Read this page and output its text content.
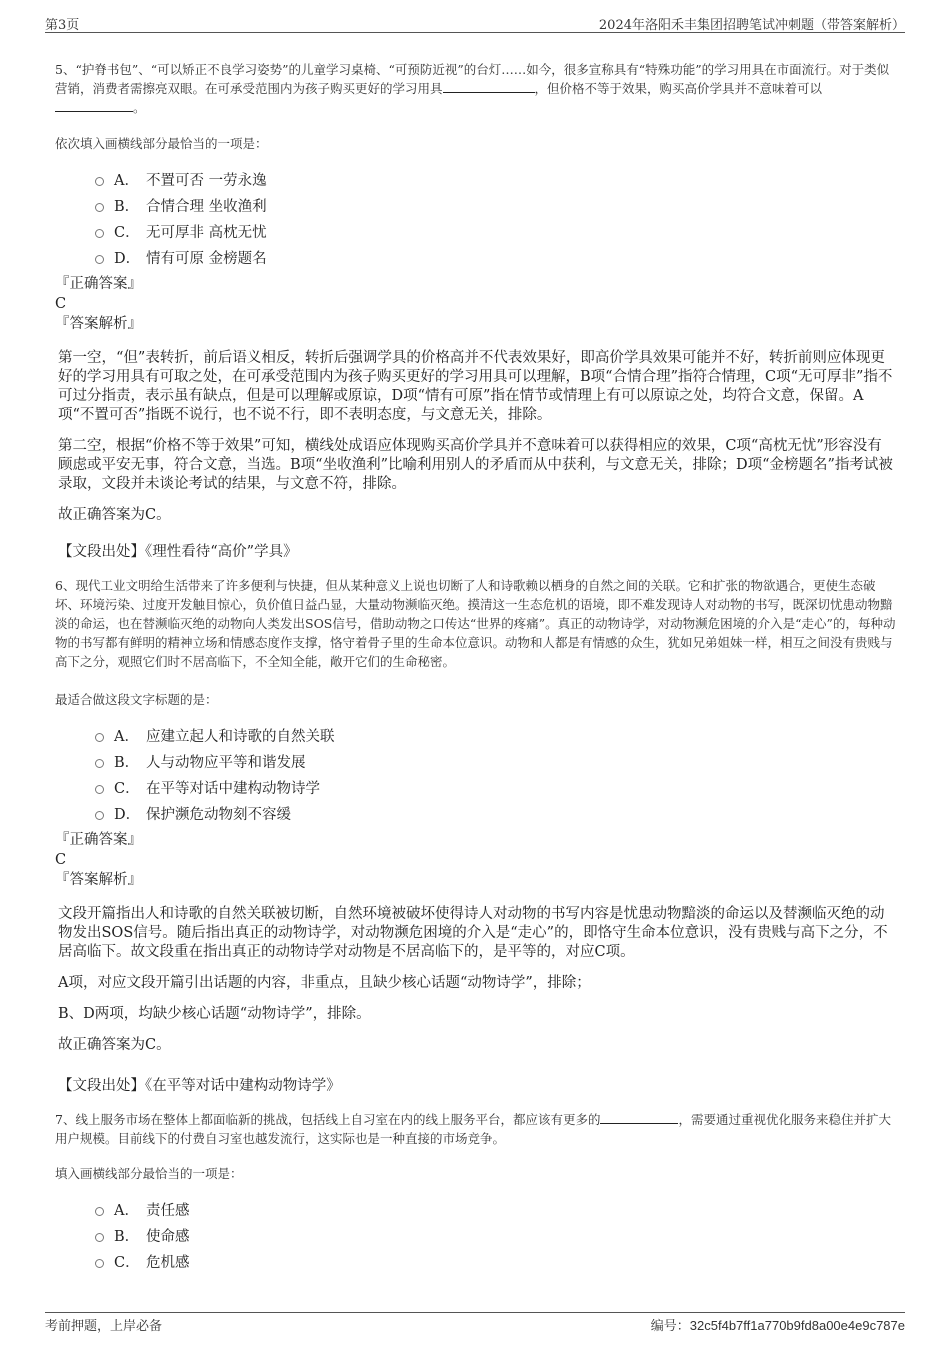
第3页	2024年洛阳禾丰集团招聘笔试冲刺题（带答案解析）
5、“护脊书包”、“可以矫正不良学习姿势”的儿童学习桌椅、“可预防近视”的台灯……如今，很多宣称具有“特殊功能”的学习用具在市面流行。对于类似营销，消费者需擦亮双眼。在可承受范围内为孩子购买更好的学习用具	，但价格不等于效果，购买高价学具并不意味着可以。
依次填入画横线部分最恰当的一项是：
A． 不置可否 一劳永逸
B． 合情合理 坐收渔利
C． 无可厚非 高枕无忧
D． 情有可原 金榜题名
『正确答案』
C
『答案解析』

第一空，“但”表转折，前后语义相反，转折后强调学具的价格高并不代表效果好，即高价学具效果可能并不好，转折前则应体现更好的学习用具有可取之处，在可承受范围内为孩子购买更好的学习用具可以理解，B项“合情合理”指符合情理，C项“无可厚非”指不可过分指责，表示虽有缺点，但是可以理解或原谅，D项“情有可原”指在情节或情理上有可以原谅之处，均符合文意，保留。A项“不置可否”指既不说行，也不说不行，即不表明态度，与文意无关，排除。

第二空，根据“价格不等于效果”可知，横线处成语应体现购买高价学具并不意味着可以获得相应的效果，C项“高枕无忧”形容没有顾虑或平安无事，符合文意，当选。B项“坐收渔利”比喻利用别人的矛盾而从中获利，与文意无关，排除；D项“金榜题名”指考试被录取，文段并未谈论考试的结果，与文意不符，排除。

故正确答案为C。

【文段出处】《理性看待“高价”学具》
6、现代工业文明给生活带来了许多便利与快捷，但从某种意义上说也切断了人和诗歌赖以栖身的自然之间的关联。它和扩张的物欲遇合，更使生态破坏、环境污染、过度开发触目惊心，负价值日益凸显，大量动物濒临灭绝。摸清这一生态危机的语境，即不难发现诗人对动物的书写，既深切忧患动物黯淡的命运，也在替濒临灭绝的动物向人类发出SOS信号，借助动物之口传达“世界的疼痛”。真正的动物诗学，对动物濒危困境的介入是“走心”的，每种动物的书写都有鲜明的精神立场和情感态度作支撑，恪守着骨子里的生命本位意识。动物和人都是有情感的众生，犹如兄弟姐妹一样，相互之间没有贵贱与高下之分，观照它们时不居高临下，不全知全能，敞开它们的生命秘密。
最适合做这段文字标题的是：
A． 应建立起人和诗歌的自然关联
B． 人与动物应平等和谐发展
C． 在平等对话中建构动物诗学
D． 保护濒危动物刻不容缓
『正确答案』
C
『答案解析』

文段开篇指出人和诗歌的自然关联被切断，自然环境被破坏使得诗人对动物的书写内容是忧患动物黯淡的命运以及替濒临灭绝的动物发出SOS信号。随后指出真正的动物诗学，对动物濒危困境的介入是“走心”的，即恪守生命本位意识，没有贵贱与高下之分，不居高临下。故文段重在指出真正的动物诗学对动物是不居高临下的，是平等的，对应C项。

A项，对应文段开篇引出话题的内容，非重点，且缺少核心话题“动物诗学”，排除；

B、D两项，均缺少核心话题“动物诗学”，排除。

故正确答案为C。

【文段出处】《在平等对话中建构动物诗学》
7、线上服务市场在整体上都面临新的挑战，包括线上自习室在内的线上服务平台，都应该有更多的	，需要通过重视优化服务来稳住并扩大用户规模。目前线下的付费自习室也越发流行，这实际也是一种直接的市场竞争。
填入画横线部分最恰当的一项是：
A． 责任感
B． 使命感
C． 危机感
考前押题，上岸必备	编号：32c5f4b7ff1a770b9fd8a00e4e9c787e
